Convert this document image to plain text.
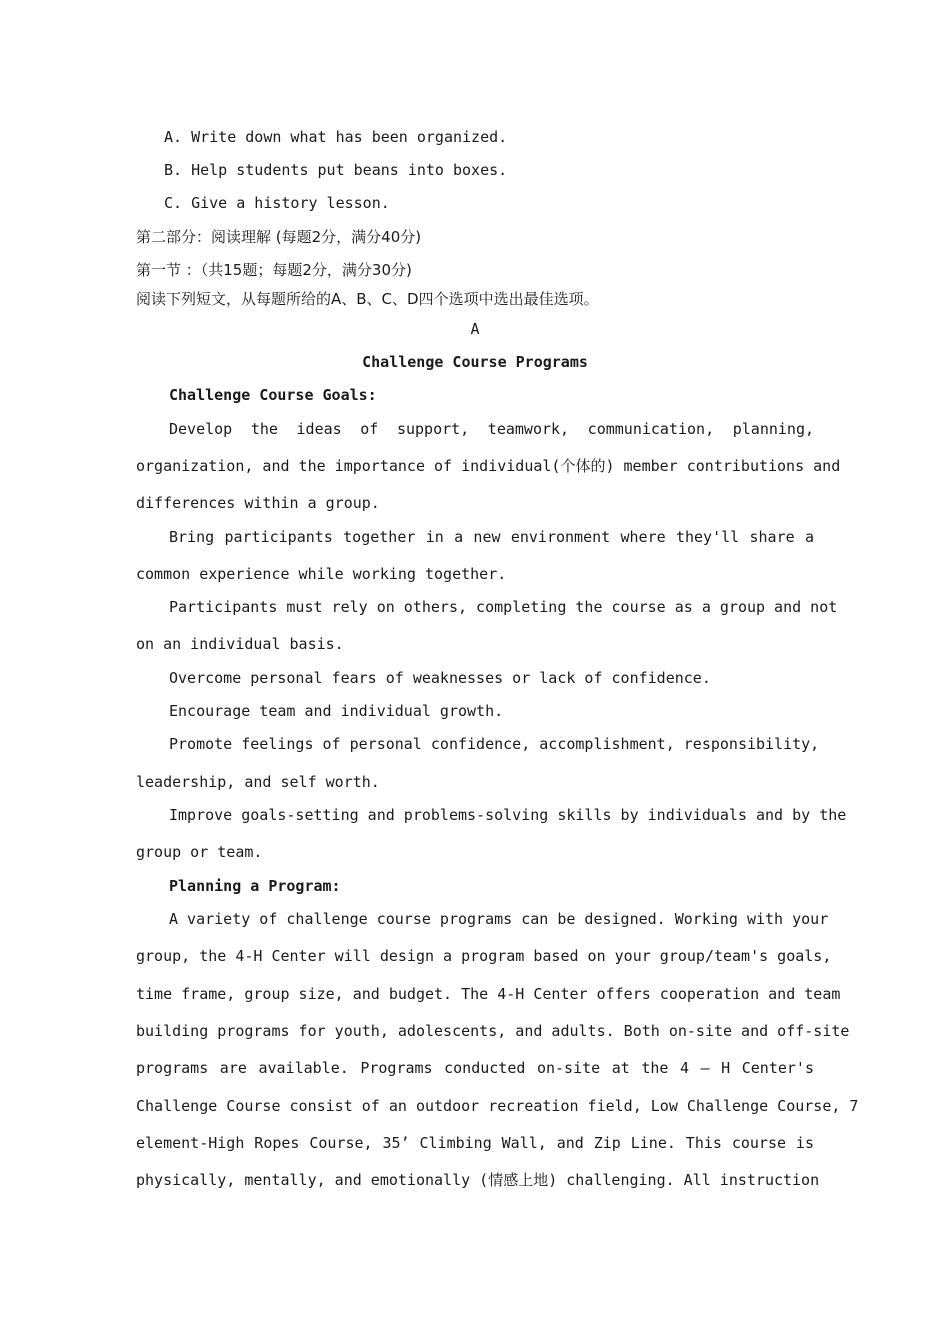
A. Write down what has been organized.
B. Help students put beans into boxes.
C. Give a history lesson.
第二部分：阅读理解 (每题2分，满分40分)
第一节 ：（共15题；每题2分，满分30分)
阅读下列短文，从每题所给的A、B、C、D四个选项中选出最佳选项。
A
Challenge Course Programs
Challenge Course Goals:
Develop the ideas of support, teamwork, communication, planning,
organization, and the importance of individual(个体的) member contributions and
differences within a group.
Bring participants together in a new environment where they'll share a
common experience while working together.
Participants must rely on others, completing the course as a group and not
on an individual basis.
Overcome personal fears of weaknesses or lack of confidence.
Encourage team and individual growth.
Promote feelings of personal confidence, accomplishment, responsibility,
leadership, and self worth.
Improve goals-setting and problems-solving skills by individuals and by the
group or team.
Planning a Program:
A variety of challenge course programs can be designed. Working with your
group, the 4-H Center will design a program based on your group/team's goals,
time frame, group size, and budget. The 4-H Center offers cooperation and team
building programs for youth, adolescents, and adults. Both on-site and off-site
programs are available. Programs conducted on-site at the 4 — H Center's
Challenge Course consist of an outdoor recreation field, Low Challenge Course, 7
element-High Ropes Course, 35’ Climbing Wall, and Zip Line. This course is
physically, mentally, and emotionally (情感上地) challenging. All instruction
